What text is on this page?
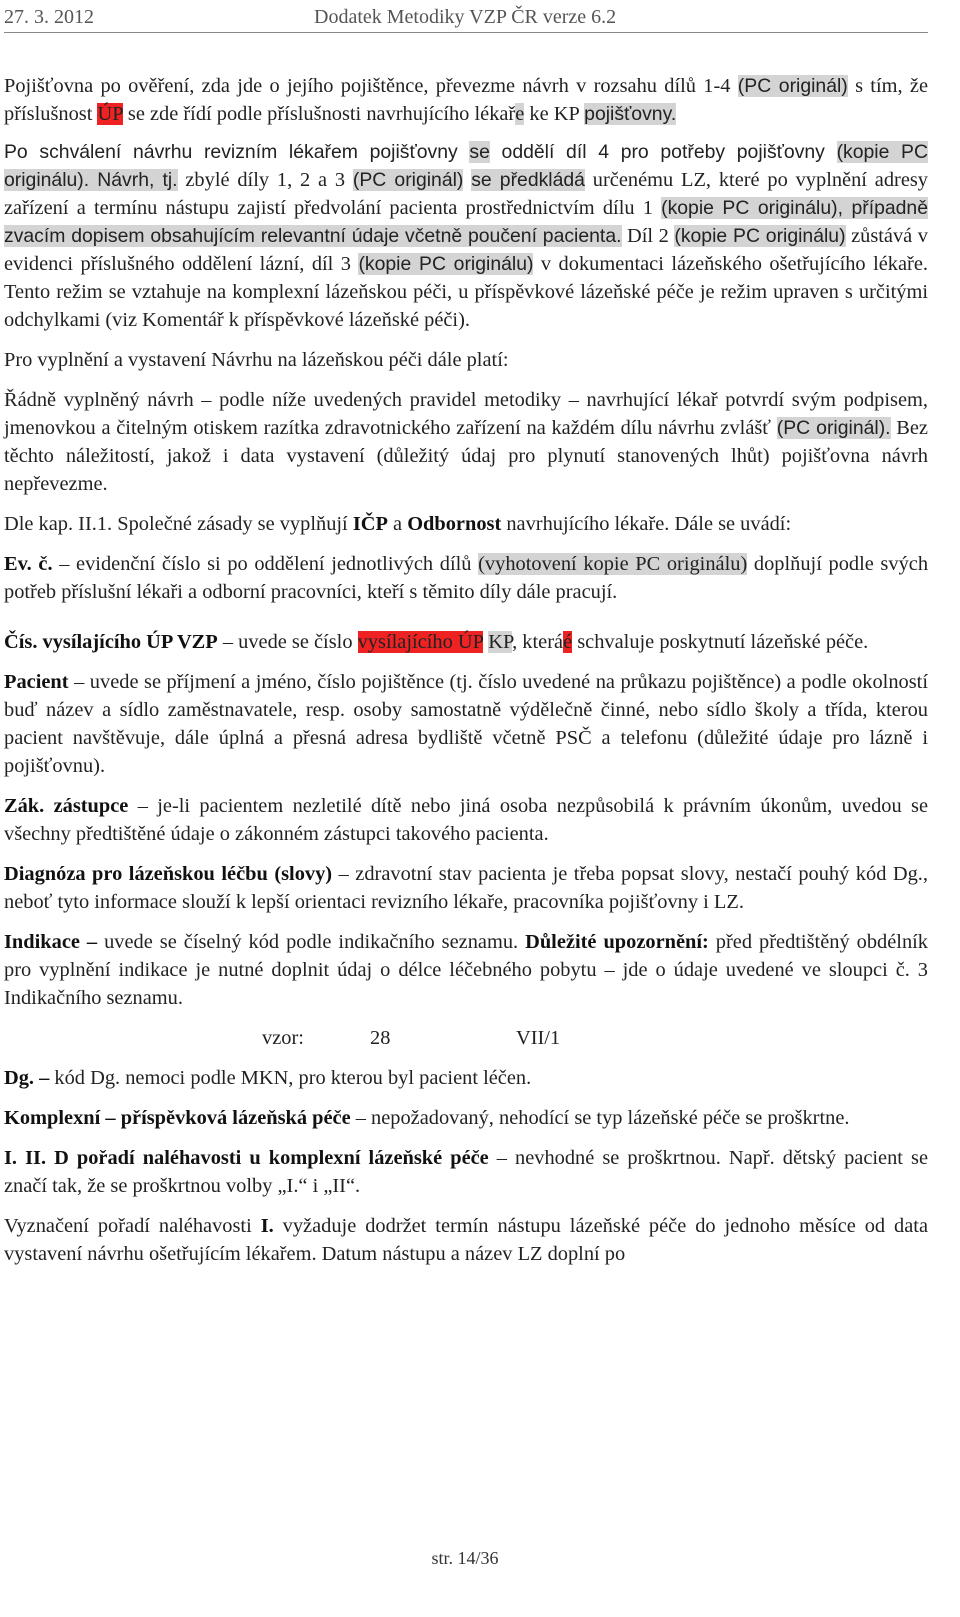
27. 3. 2012	Dodatek Metodiky VZP ČR verze 6.2

Pojišťovna po ověření, zda jde o jejího pojištěnce, převezme návrh v rozsahu dílů 1-4 (PC originál) s tím, že příslušnost ÚP se zde řídí podle příslušnosti navrhujícího lékaře ke KP pojišťovny.

Po schválení návrhu revizním lékařem pojišťovny se oddělí díl 4 pro potřeby pojišťovny (kopie PC originálu). Návrh, tj. zbylé díly 1, 2 a 3 (PC originál) se předkládá určenému LZ, které po vyplnění adresy zařízení a termínu nástupu zajistí předvolání pacienta prostřednictvím dílu 1 (kopie PC originálu), případně zvacím dopisem obsahujícím relevantní údaje včetně poučení pacienta. Díl 2 (kopie PC originálu) zůstává v evidenci příslušného oddělení lázní, díl 3 (kopie PC originálu) v dokumentaci lázeňského ošetřujícího lékaře. Tento režim se vztahuje na komplexní lázeňskou péči, u příspěvkové lázeňské péče je režim upraven s určitými odchylkami (viz Komentář k příspěvkové lázeňské péči).

Pro vyplnění a vystavení Návrhu na lázeňskou péči dále platí:

Řádně vyplněný návrh – podle níže uvedených pravidel metodiky – navrhující lékař potvrdí svým podpisem, jmenovkou a čitelným otiskem razítka zdravotnického zařízení na každém dílu návrhu zvlášť (PC originál). Bez těchto náležitostí, jakož i data vystavení (důležitý údaj pro plynutí stanovených lhůt) pojišťovna návrh nepřevezme.

Dle kap. II.1. Společné zásady se vyplňují IČP a Odbornost navrhujícího lékaře. Dále se uvádí:

Ev. č. – evidenční číslo si po oddělení jednotlivých dílů (vyhotovení kopie PC originálu) doplňují podle svých potřeb příslušní lékaři a odborní pracovníci, kteří s těmito díly dále pracují.

Čís. vysílajícího ÚP VZP – uvede se číslo vysílajícího ÚP KP, kteráé schvaluje poskytnutí lázeňské péče.

Pacient – uvede se příjmení a jméno, číslo pojištěnce (tj. číslo uvedené na průkazu pojištěnce) a podle okolností buď název a sídlo zaměstnavatele, resp. osoby samostatně výdělečně činné, nebo sídlo školy a třída, kterou pacient navštěvuje, dále úplná a přesná adresa bydliště včetně PSČ a telefonu (důležité údaje pro lázně i pojišťovnu).

Zák. zástupce – je-li pacientem nezletilé dítě nebo jiná osoba nezpůsobilá k právním úkonům, uvedou se všechny předtištěné údaje o zákonném zástupci takového pacienta.

Diagnóza pro lázeňskou léčbu (slovy) – zdravotní stav pacienta je třeba popsat slovy, nestačí pouhý kód Dg., neboť tyto informace slouží k lepší orientaci revizního lékaře, pracovníka pojišťovny i LZ.

Indikace – uvede se číselný kód podle indikačního seznamu. Důležité upozornění: před předtištěný obdélník pro vyplnění indikace je nutné doplnit údaj o délce léčebného pobytu – jde o údaje uvedené ve sloupci č. 3 Indikačního seznamu.

vzor:	28	VII/1

Dg. – kód Dg. nemoci podle MKN, pro kterou byl pacient léčen.

Komplexní – příspěvková lázeňská péče – nepožadovaný, nehodící se typ lázeňské péče se proškrtne.

I. II. D pořadí naléhavosti u komplexní lázeňské péče – nevhodné se proškrtnou. Např. dětský pacient se značí tak, že se proškrtnou volby „I.“ i „II“.

Vyznačení pořadí naléhavosti I. vyžaduje dodržet termín nástupu lázeňské péče do jednoho měsíce od data vystavení návrhu ošetřujícím lékařem. Datum nástupu a název LZ doplní po

str. 14/36
